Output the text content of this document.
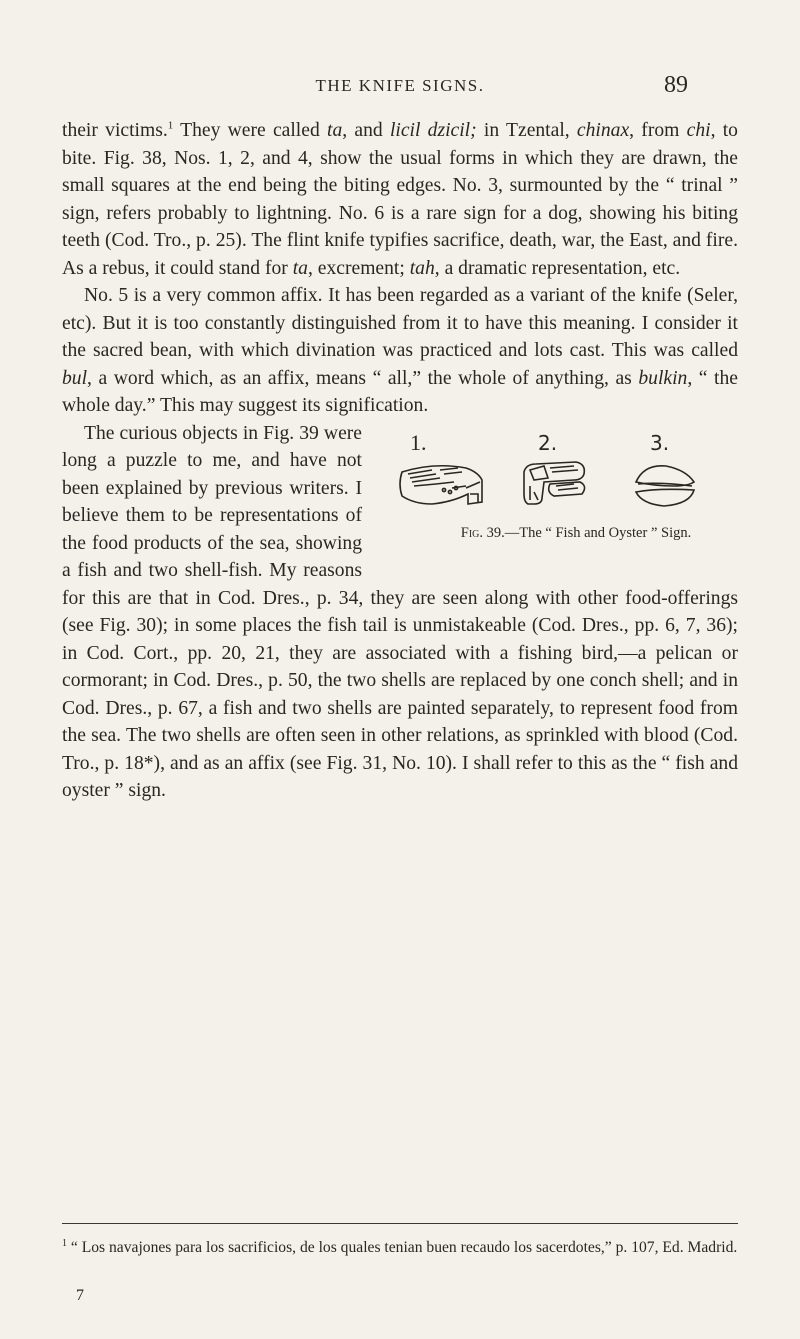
THE KNIFE SIGNS.	89

their victims.$^1$ They were called ta, and licil dzicil; in Tzental, chinax, from chi, to bite. Fig. 38, Nos. 1, 2, and 4, show the usual forms in which they are drawn, the small squares at the end being the biting edges. No. 3, surmounted by the “ trinal ” sign, refers probably to lightning. No. 6 is a rare sign for a dog, showing his biting teeth (Cod. Tro., p. 25). The flint knife typifies sacrifice, death, war, the East, and fire. As a rebus, it could stand for ta, excrement; tah, a dramatic representation, etc.

No. 5 is a very common affix. It has been regarded as a variant of the knife (Seler, etc). But it is too constantly distinguished from it to have this meaning. I consider it the sacred bean, with which divination was practiced and lots cast. This was called bul, a word which, as an affix, means “ all,” the whole of anything, as bulkin, “ the whole day.” This may suggest its signification.

1.	2.	3.
Fig. 39.—The “ Fish and Oyster ” Sign.
The curious objects in Fig. 39 were long a puzzle to me, and have not been explained by previous writers. I believe them to be representations of the food products of the sea, showing a fish and two shell-fish. My reasons for this are that in Cod. Dres., p. 34, they are seen along with other food-offerings (see Fig. 30); in some places the fish tail is unmistakeable (Cod. Dres., pp. 6, 7, 36); in Cod. Cort., pp. 20, 21, they are associated with a fishing bird,—a pelican or cormorant; in Cod. Dres., p. 50, the two shells are replaced by one conch shell; and in Cod. Dres., p. 67, a fish and two shells are painted separately, to represent food from the sea. The two shells are often seen in other relations, as sprinkled with blood (Cod. Tro., p. 18*), and as an affix (see Fig. 31, No. 10). I shall refer to this as the “ fish and oyster ” sign.

$^1$ “ Los navajones para los sacrificios, de los quales tenian buen recaudo los sacerdotes,” p. 107, Ed. Madrid.
7
